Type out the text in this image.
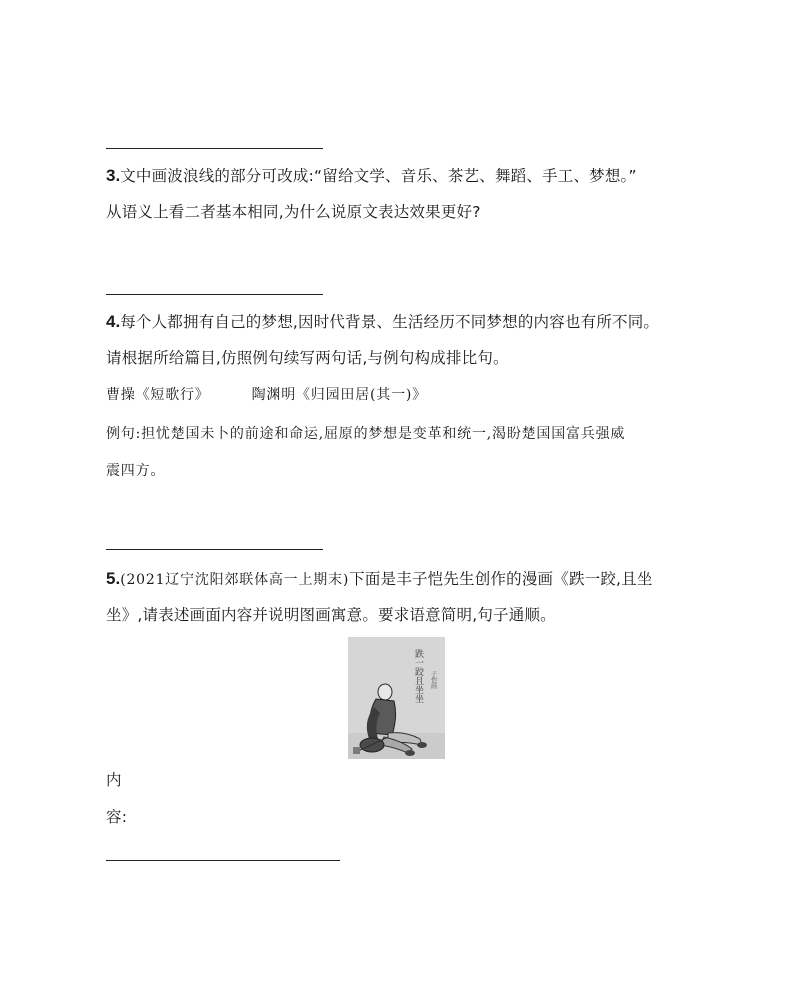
3.文中画波浪线的部分可改成:“留给文学、音乐、茶艺、舞蹈、手工、梦想。”
从语义上看二者基本相同,为什么说原文表达效果更好?
4.每个人都拥有自己的梦想,因时代背景、生活经历不同梦想的内容也有所不同。
请根据所给篇目,仿照例句续写两句话,与例句构成排比句。
曹操《短歌行》	陶渊明《归园田居(其一)》
例句:担忧楚国未卜的前途和命运,屈原的梦想是变革和统一,渴盼楚国国富兵强威
震四方。
5.(2021辽宁沈阳郊联体高一上期末)下面是丰子恺先生创作的漫画《跌一跤,且坐
坐》,请表述画面内容并说明图画寓意。要求语意简明,句子通顺。
跌一跤且坐坐 子恺画
内
容:
